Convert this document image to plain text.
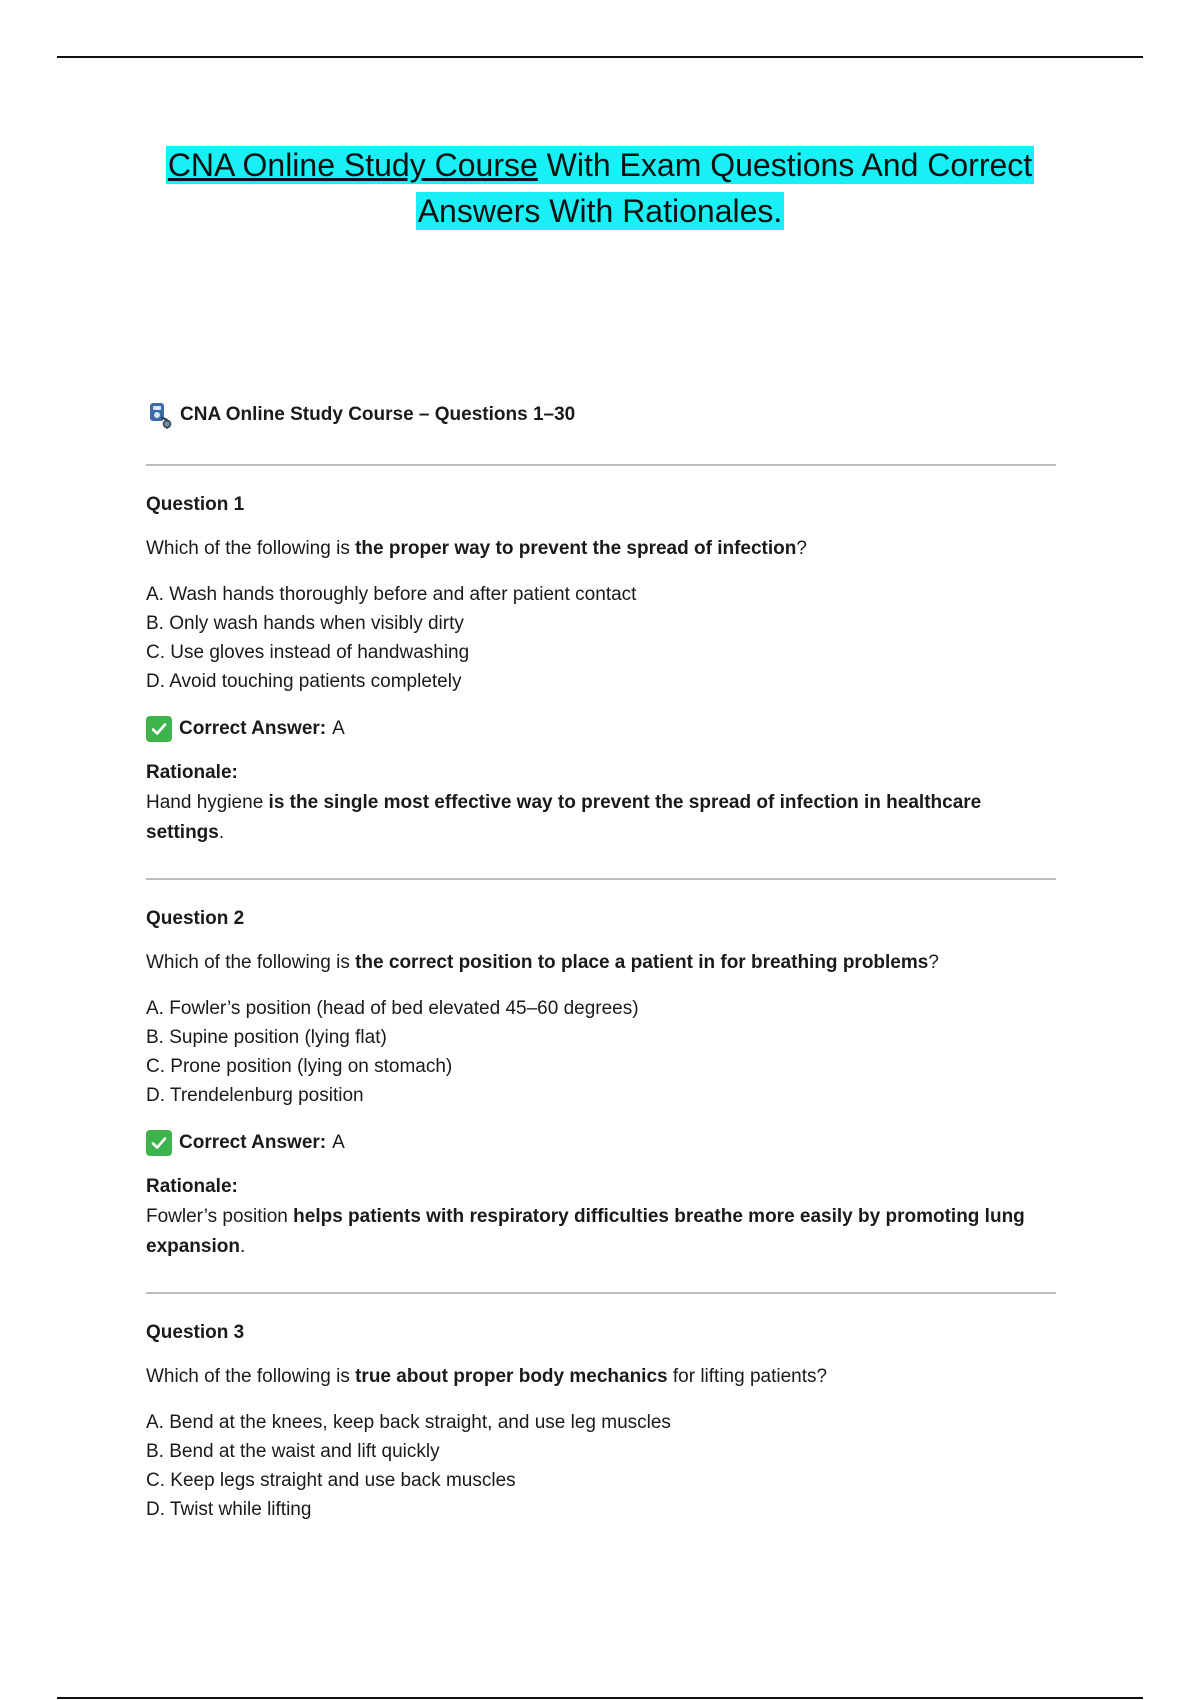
CNA Online Study Course With Exam Questions And Correct
Answers With Rationales.
CNA Online Study Course – Questions 1–30
Question 1
Which of the following is the proper way to prevent the spread of infection?
A. Wash hands thoroughly before and after patient contact
B. Only wash hands when visibly dirty
C. Use gloves instead of handwashing
D. Avoid touching patients completely
Correct Answer: A
Rationale:
Hand hygiene is the single most effective way to prevent the spread of infection in healthcare settings.
Question 2
Which of the following is the correct position to place a patient in for breathing problems?
A. Fowler’s position (head of bed elevated 45–60 degrees)
B. Supine position (lying flat)
C. Prone position (lying on stomach)
D. Trendelenburg position
Correct Answer: A
Rationale:
Fowler’s position helps patients with respiratory difficulties breathe more easily by promoting lung expansion.
Question 3
Which of the following is true about proper body mechanics for lifting patients?
A. Bend at the knees, keep back straight, and use leg muscles
B. Bend at the waist and lift quickly
C. Keep legs straight and use back muscles
D. Twist while lifting
